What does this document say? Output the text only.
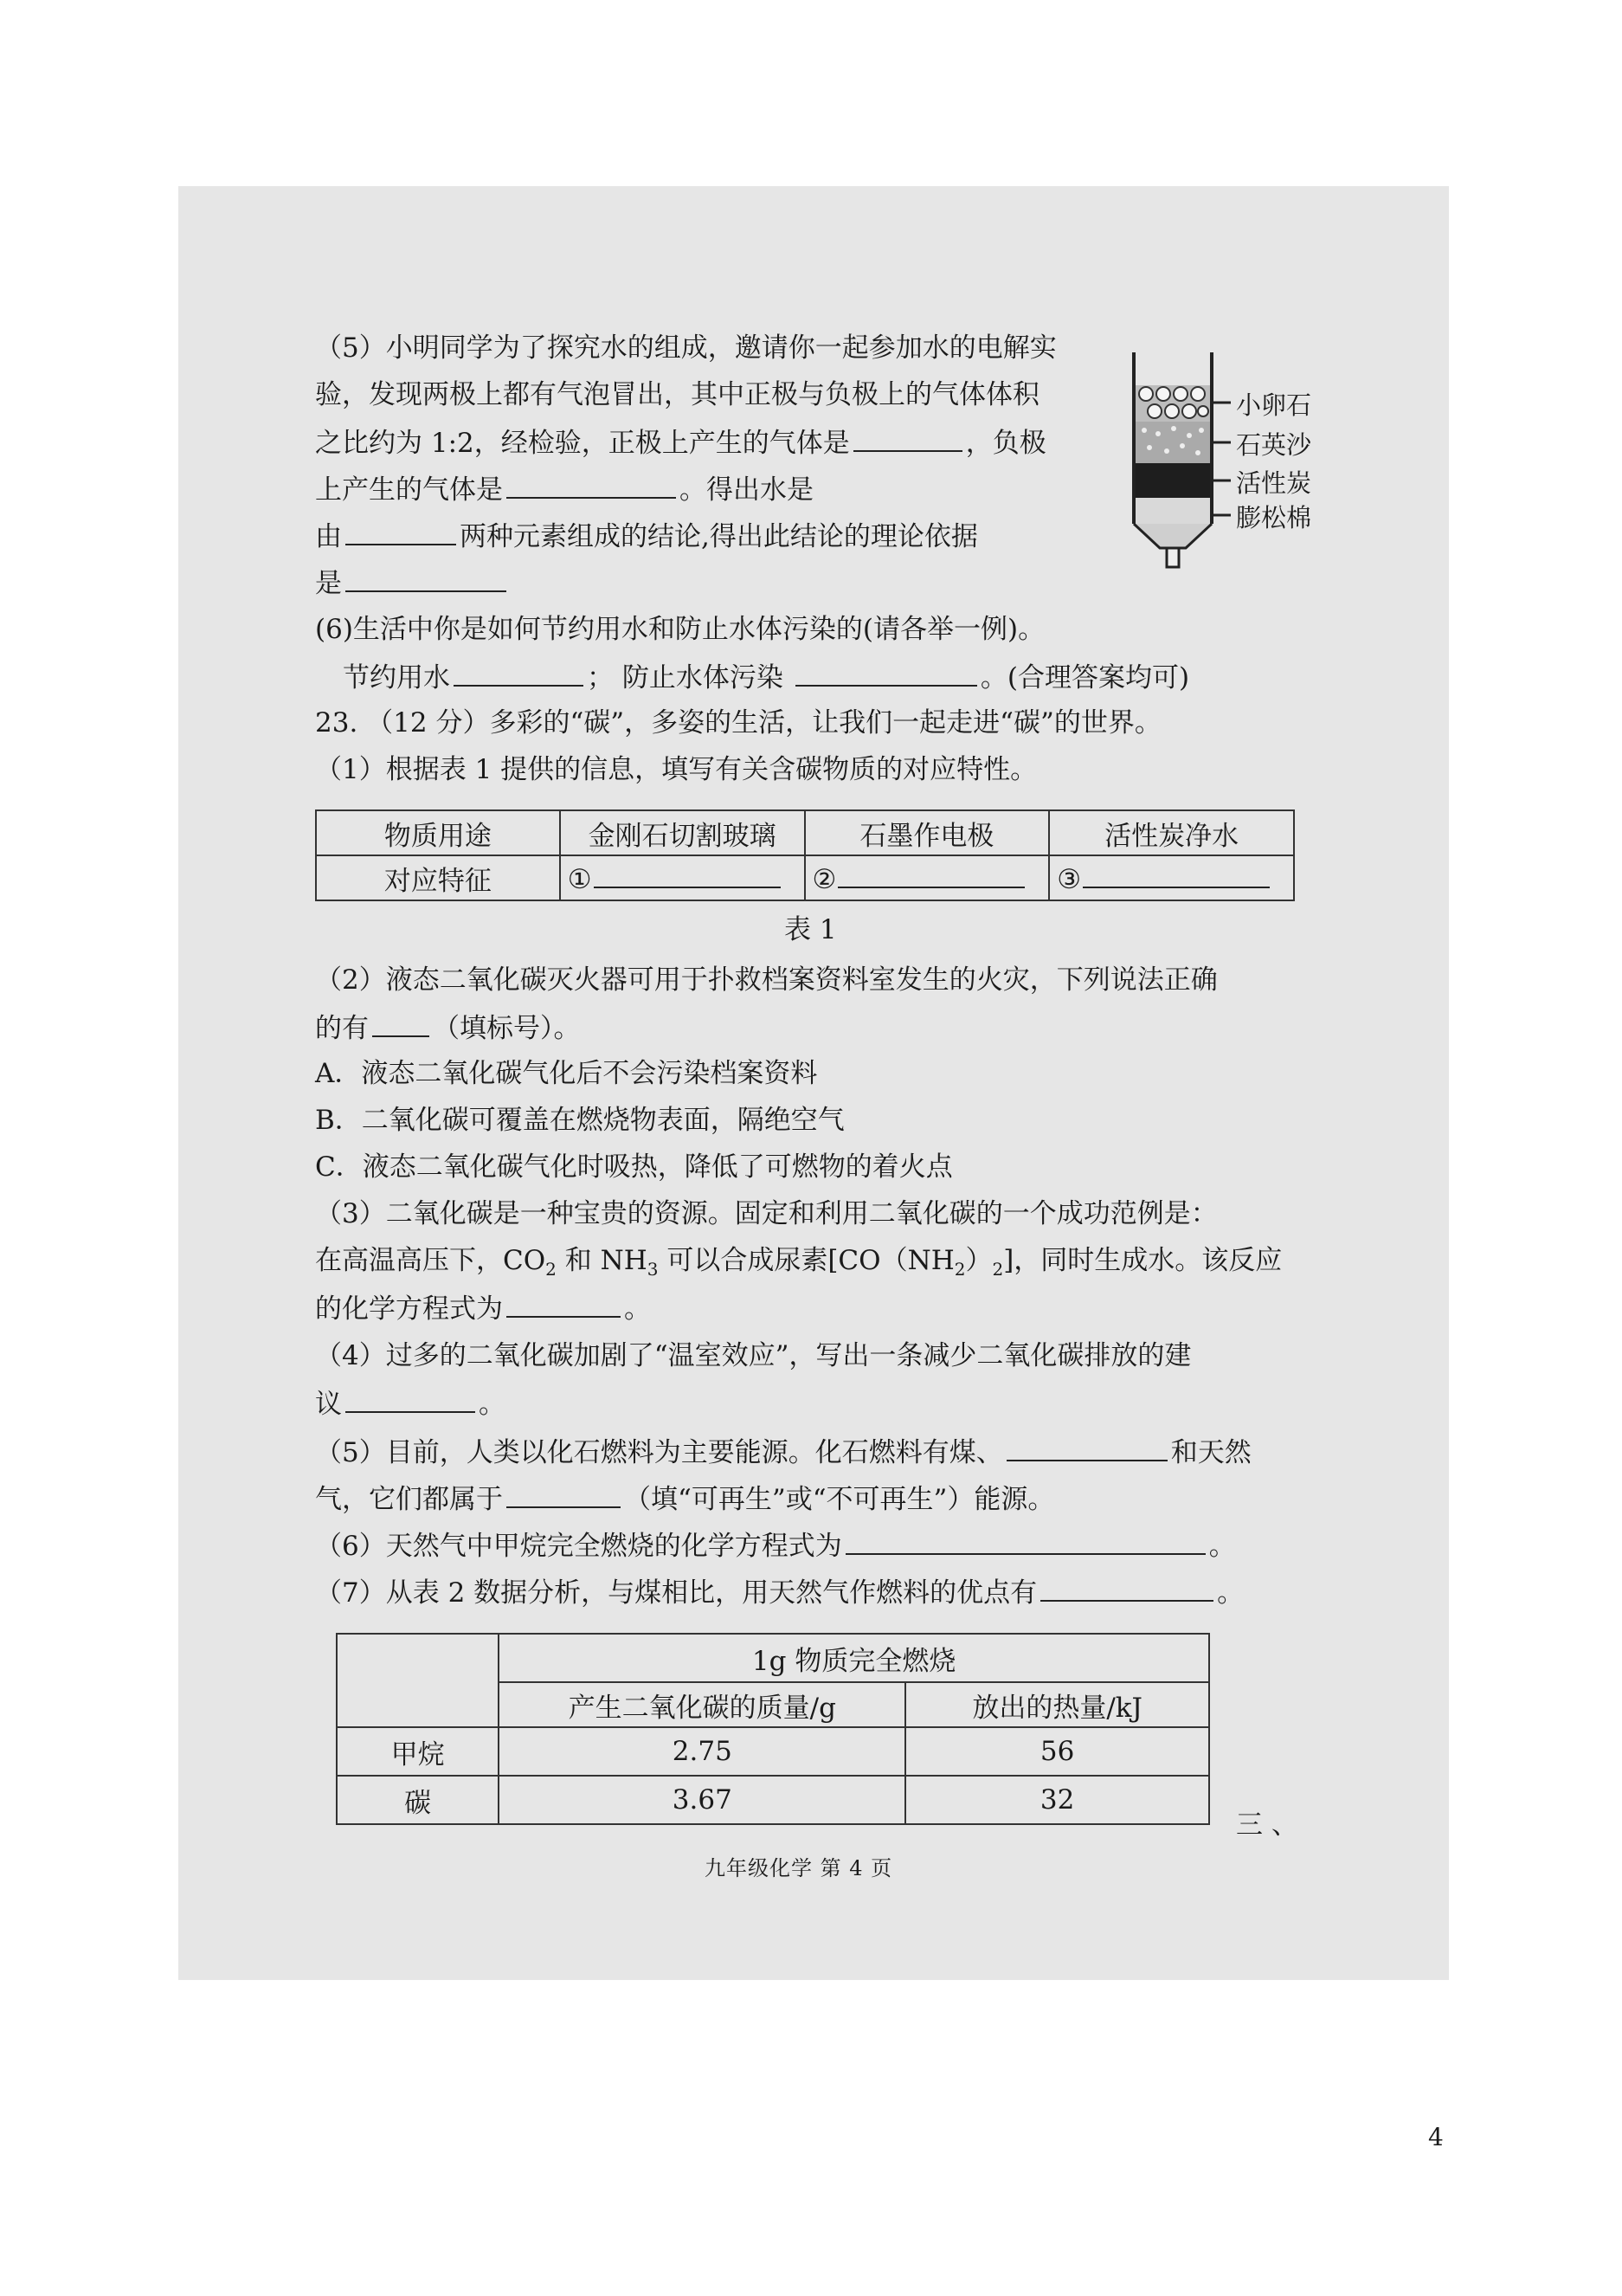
（5）小明同学为了探究水的组成，邀请你一起参加水的电解实
验，发现两极上都有气泡冒出，其中正极与负极上的气体体积
之比约为 1:2，经检验，正极上产生的气体是	，负极
上产生的气体是	。得出水是
由	两种元素组成的结论,得出此结论的理论依据
是
小卵石
石英沙
活性炭
膨松棉
(6)生活中你是如何节约用水和防止水体污染的(请各举一例)。
节约用水	； 防止水体污染	。(合理答案均可)
23. （12 分）多彩的“碳”，多姿的生活，让我们一起走进“碳”的世界。
（1）根据表 1 提供的信息，填写有关含碳物质的对应特性。
物质用途	金刚石切割玻璃	石墨作电极	活性炭净水
对应特征	①	②	③
表 1
（2）液态二氧化碳灭火器可用于扑救档案资料室发生的火灾，下列说法正确
的有 （填标号）。
A．液态二氧化碳气化后不会污染档案资料
B．二氧化碳可覆盖在燃烧物表面，隔绝空气
C．液态二氧化碳气化时吸热，降低了可燃物的着火点
（3）二氧化碳是一种宝贵的资源。固定和利用二氧化碳的一个成功范例是：
在高温高压下，$CO_2$ 和 $NH_3$ 可以合成尿素$[CO(NH_2)_2]$，同时生成水。该反应
的化学方程式为	。
（4）过多的二氧化碳加剧了“温室效应”，写出一条减少二氧化碳排放的建
议	。
（5）目前，人类以化石燃料为主要能源。化石燃料有煤、	和天然
气，它们都属于	（填“可再生”或“不可再生”）能源。
（6）天然气中甲烷完全燃烧的化学方程式为	。
（7）从表 2 数据分析，与煤相比，用天然气作燃料的优点有	。
	1g 物质完全燃烧	
	产生二氧化碳的质量/g	放出的热量/kJ
甲烷	2.75	56
碳	3.67	32
三 、
九年级化学 第 4 页
4
